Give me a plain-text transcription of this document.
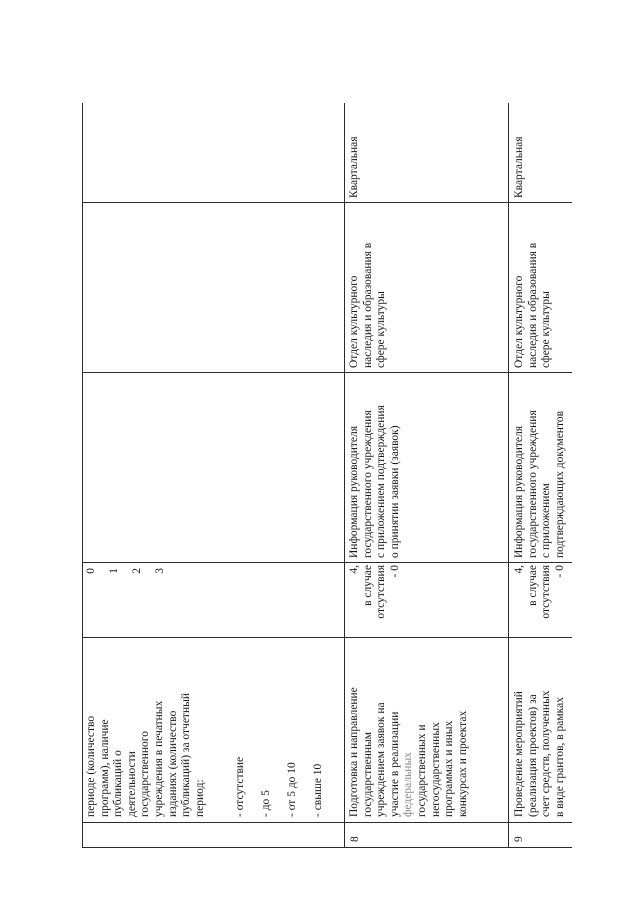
периоде (количество программ), наличие публикаций о деятельности государственного учреждения в печатных изданиях (количество публикаций) за отчетный период: - отсутствие - до 5 - от 5 до 10 - свыше 10
0 1 2 3
8
Подготовка и направление государственным учреждением заявок на участие в реализации федеральных государственных и негосударственных программах и иных конкурсах и проектах
4, в случае отсутствия - 0
Информация руководителя государственного учреждения с приложением подтверждения о принятии заявки (заявок)
Отдел культурного наследия и образования в сфере культуры
Квартальная
9
Проведение мероприятий (реализация проектов) за счет средств, полученных в виде грантов, в рамках
4, в случае отсутствия - 0
Информация руководителя государственного учреждения с приложением подтверждающих документов
Отдел культурного наследия и образования в сфере культуры
Квартальная
